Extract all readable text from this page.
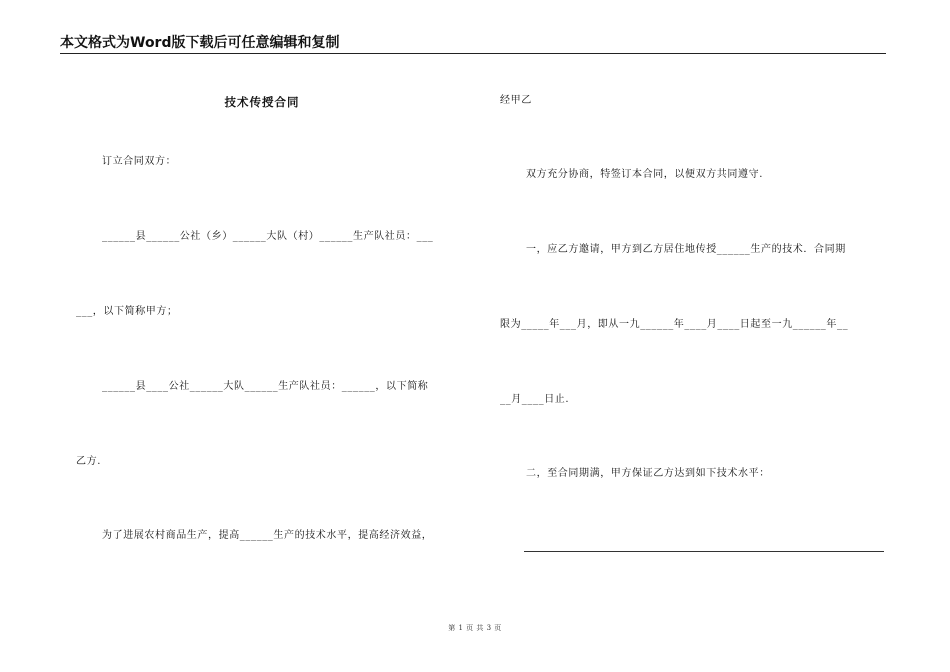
本文格式为Word版下载后可任意编辑和复制
技术传授合同
订立合同双方：
______县______公社（乡）______大队（村）______生产队社员：___
___，以下简称甲方；
______县____公社______大队______生产队社员：______，以下简称
乙方.
为了进展农村商品生产，提高______生产的技术水平，提高经济效益，
经甲乙
双方充分协商，特签订本合同，以便双方共同遵守.
一，应乙方邀请，甲方到乙方居住地传授______生产的技术．合同期
限为_____年___月，即从一九______年____月____日起至一九______年__
__月____日止.
二，至合同期满，甲方保证乙方达到如下技术水平：
第 1 页 共 3 页
